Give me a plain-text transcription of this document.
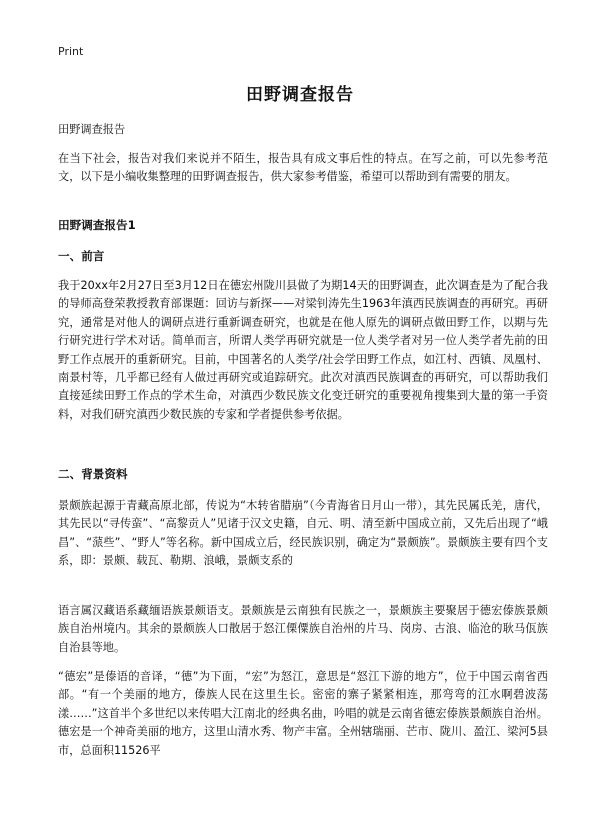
Print
田野调查报告
田野调查报告
在当下社会，报告对我们来说并不陌生，报告具有成文事后性的特点。在写之前，可以先参考范文，以下是小编收集整理的田野调查报告，供大家参考借鉴，希望可以帮助到有需要的朋友。
田野调查报告1
一、前言
我于20xx年2月27日至3月12日在德宏州陇川县做了为期14天的田野调查，此次调查是为了配合我的导师高登荣教授教育部课题：回访与新探——对梁钊涛先生1963年滇西民族调查的再研究。再研究，通常是对他人的调研点进行重新调查研究，也就是在他人原先的调研点做田野工作，以期与先行研究进行学术对话。简单而言，所谓人类学再研究就是一位人类学者对另一位人类学者先前的田野工作点展开的重新研究。目前，中国著名的人类学/社会学田野工作点，如江村、西镇、凤凰村、南景村等，几乎都已经有人做过再研究或追踪研究。此次对滇西民族调查的再研究，可以帮助我们直接延续田野工作点的学术生命，对滇西少数民族文化变迁研究的重要视角搜集到大量的第一手资料，对我们研究滇西少数民族的专家和学者提供参考依据。
二、背景资料
景颇族起源于青藏高原北部，传说为“木转省腊崩”（今青海省日月山一带），其先民属氐羌，唐代，其先民以“寻传蛮”、“高黎贡人”见诸于汉文史籍，自元、明、清至新中国成立前，又先后出现了“峨昌”、“蒎些”、“野人”等名称。新中国成立后，经民族识别，确定为“景颇族”。景颇族主要有四个支系，即：景颇、载瓦、勒期、浪峨，景颇支系的
语言属汉藏语系藏缅语族景颇语支。景颇族是云南独有民族之一，景颇族主要聚居于德宏傣族景颇族自治州境内。其余的景颇族人口散居于怒江傈僳族自治州的片马、岗房、古浪、临沧的耿马佤族自治县等地。
“德宏”是傣语的音译，“德”为下面，“宏”为怒江，意思是“怒江下游的地方”，位于中国云南省西部。“有一个美丽的地方，傣族人民在这里生长。密密的寨子紧紧相连，那弯弯的江水啊碧波荡漾……”这首半个多世纪以来传唱大江南北的经典名曲，吟唱的就是云南省德宏傣族景颇族自治州。德宏是一个神奇美丽的地方，这里山清水秀、物产丰富。全州辖瑞丽、芒市、陇川、盈江、梁河5县市，总面积11526平
